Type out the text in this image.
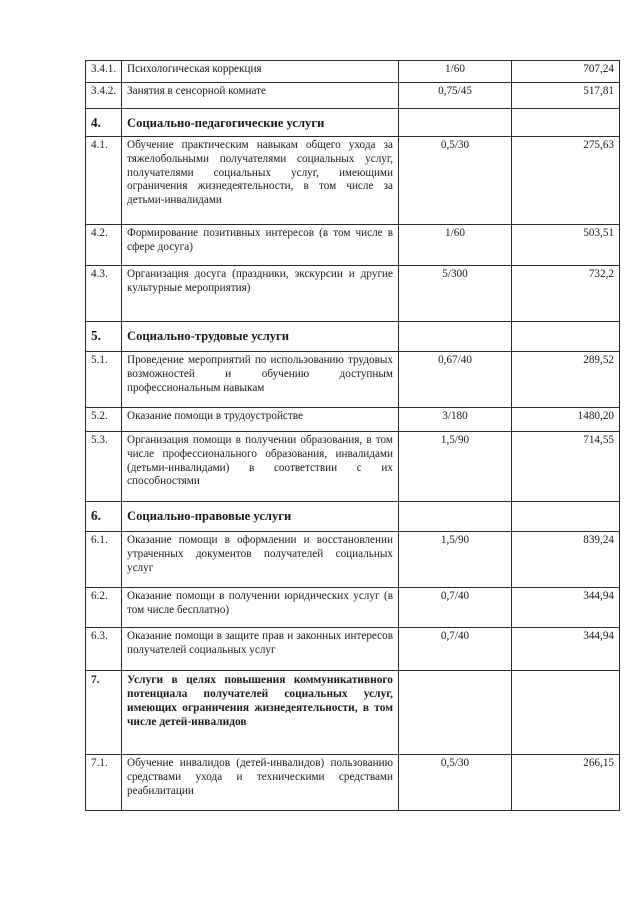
3.4.1.	Психологическая коррекция	1/60	707,24
3.4.2.	Занятия в сенсорной комнате	0,75/45	517,81
4.	Социально-педагогические услуги		
4.1.	Обучение практическим навыкам общего ухода за тяжелобольными получателями социальных услуг, получателями социальных услуг, имеющими ограничения жизнедеятельности, в том числе за детьми-инвалидами	0,5/30	275,63
4.2.	Формирование позитивных интересов (в том числе в сфере досуга)	1/60	503,51
4.3.	Организация досуга (праздники, экскурсии и другие культурные мероприятия)	5/300	732,2
5.	Социально-трудовые услуги		
5.1.	Проведение мероприятий по использованию трудовых возможностей и обучению доступным профессиональным навыкам	0,67/40	289,52
5.2.	Оказание помощи в трудоустройстве	3/180	1480,20
5.3.	Организация помощи в получении образования, в том числе профессионального образования, инвалидами (детьми-инвалидами) в соответствии с их способностями	1,5/90	714,55
6.	Социально-правовые услуги		
6.1.	Оказание помощи в оформлении и восстановлении утраченных документов получателей социальных услуг	1,5/90	839,24
6.2.	Оказание помощи в получении юридических услуг (в том числе бесплатно)	0,7/40	344,94
6.3.	Оказание помощи в защите прав и законных интересов получателей социальных услуг	0,7/40	344,94
7.	Услуги в целях повышения коммуникативного потенциала получателей социальных услуг, имеющих ограничения жизнедеятельности, в том числе детей-инвалидов		
7.1.	Обучение инвалидов (детей-инвалидов) пользованию средствами ухода и техническими средствами реабилитации	0,5/30	266,15
